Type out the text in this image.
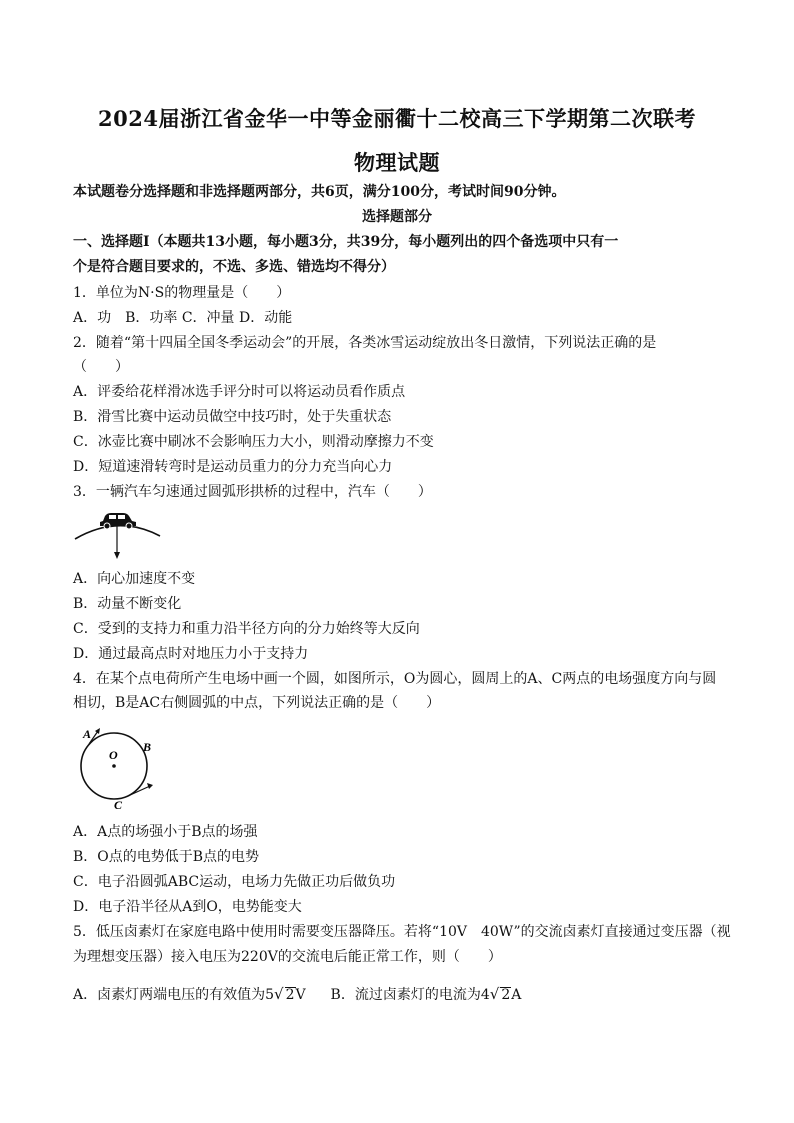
2024届浙江省金华一中等金丽衢十二校高三下学期第二次联考
物理试题
本试题卷分选择题和非选择题两部分，共6页，满分100分，考试时间90分钟。
选择题部分
一、选择题Ⅰ（本题共13小题，每小题3分，共39分，每小题列出的四个备选项中只有一
个是符合题目要求的，不选、多选、错选均不得分）
1．单位为N·S的物理量是（　　）
A．功　B．功率 C．冲量 D．动能
2．随着“第十四届全国冬季运动会”的开展，各类冰雪运动绽放出冬日激情，下列说法正确的是
（　　）
A．评委给花样滑冰选手评分时可以将运动员看作质点
B．滑雪比赛中运动员做空中技巧时，处于失重状态
C．冰壶比赛中刷冰不会影响压力大小，则滑动摩擦力不变
D．短道速滑转弯时是运动员重力的分力充当向心力
3．一辆汽车匀速通过圆弧形拱桥的过程中，汽车（　　）
A．向心加速度不变
B．动量不断变化
C．受到的支持力和重力沿半径方向的分力始终等大反向
D．通过最高点时对地压力小于支持力
4．在某个点电荷所产生电场中画一个圆，如图所示，O为圆心，圆周上的A、C两点的电场强度方向与圆
相切，B是AC右侧圆弧的中点，下列说法正确的是（　　）
A
O
B
C
A．A点的场强小于B点的场强
B．O点的电势低于B点的电势
C．电子沿圆弧ABC运动，电场力先做正功后做负功
D．电子沿半径从A到O，电势能变大
5．低压卤素灯在家庭电路中使用时需要变压器降压。若将“10V　40W”的交流卤素灯直接通过变压器（视
为理想变压器）接入电压为220V的交流电后能正常工作，则（　　）
A．卤素灯两端电压的有效值为5√ 2V B．流过卤素灯的电流为4√ 2A
